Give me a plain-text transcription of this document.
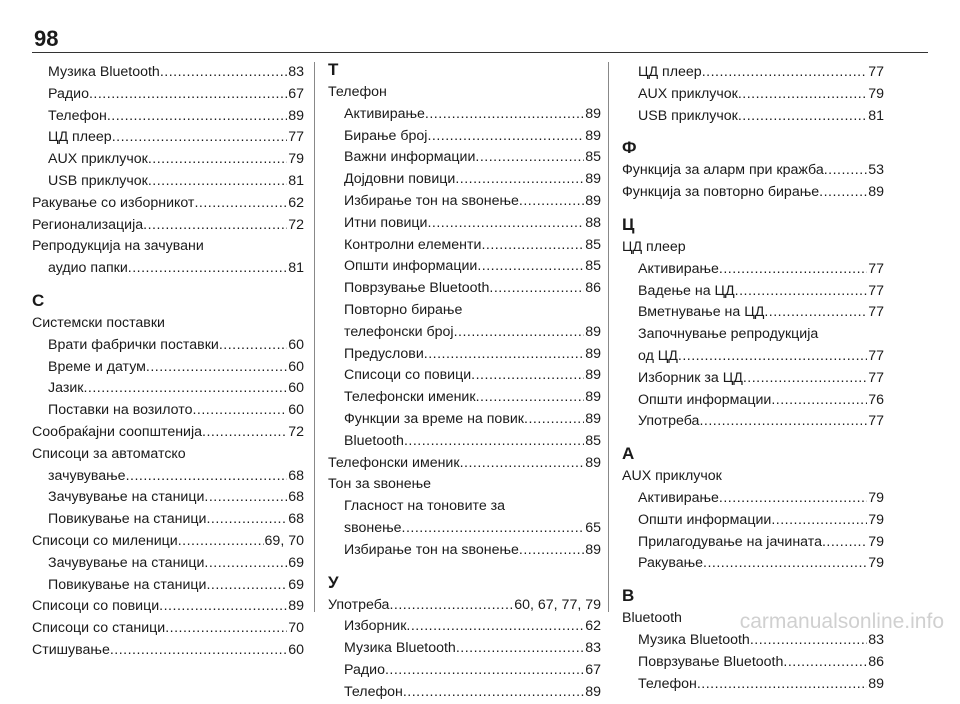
98
Музика Bluetooth .....	83
Радио .....	67
Телефон .....	89
ЦД плеер .....	77
AUX приклучок .....	79
USB приклучок .....	81
Ракување со изборникот .....	62
Регионализација .....	72
Репродукција на зачувани
аудио папки .....	81
С
Системски поставки
Врати фабрички поставки .....	60
Време и датум .....	60
Јазик .....	60
Поставки на возилото .....	60
Сообраќајни соопштенија .....	72
Списоци за автоматско
зачувување .....	68
Зачувување на станици .....	68
Повикување на станици .....	68
Списоци со миленици .....	69, 70
Зачувување на станици .....	69
Повикување на станици .....	69
Списоци со повици .....	89
Списоци со станици .....	70
Стишување .....	60
Т
Телефон
Активирање .....	89
Бирање број .....	89
Важни информации .....	85
Дојдовни повици .....	89
Избирање тон на ѕвонење .....	89
Итни повици .....	88
Контролни елементи .....	85
Општи информации .....	85
Поврзување Bluetooth .....	86
Повторно бирање
телефонски број .....	89
Предуслови .....	89
Списоци со повици .....	89
Телефонски именик .....	89
Функции за време на повик .....	89
Bluetooth .....	85
Телефонски именик .....	89
Тон за ѕвонење
Гласност на тоновите за
ѕвонење .....	65
Избирање тон на ѕвонење .....	89
У
Употреба .....	60, 67, 77, 79
Изборник .....	62
Музика Bluetooth .....	83
Радио .....	67
Телефон .....	89
ЦД плеер .....	77
AUX приклучок .....	79
USB приклучок .....	81
Ф
Функција за аларм при кражба .....	53
Функција за повторно бирање .....	89
Ц
ЦД плеер
Активирање .....	77
Вадење на ЦД .....	77
Вметнување на ЦД .....	77
Започнување репродукција
од ЦД .....	77
Изборник за ЦД .....	77
Општи информации .....	76
Употреба .....	77
A
AUX приклучок
Активирање .....	79
Општи информации .....	79
Прилагодување на јачината .....	79
Ракување .....	79
B
Bluetooth
Музика Bluetooth .....	83
Поврзување Bluetooth .....	86
Телефон .....	89
carmanualsonline.info
